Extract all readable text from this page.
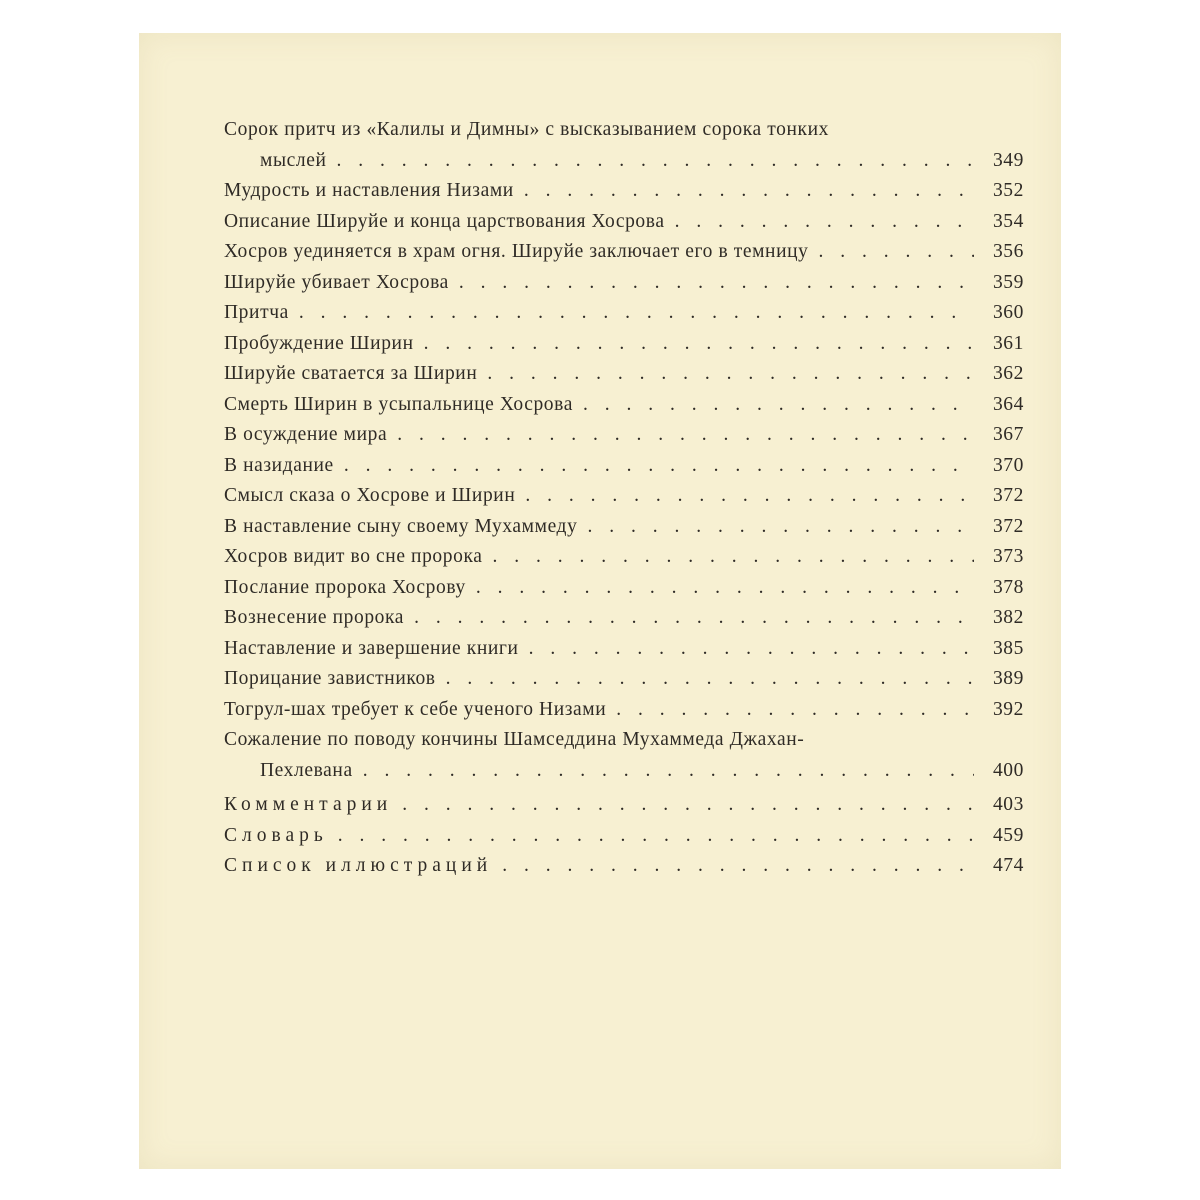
Сорок притч из «Калилы и Димны» с высказыванием сорока тонких
мыслей . . .	349
Мудрость и наставления Низами . . .	352
Описание Шируйе и конца царствования Хосрова . . .	354
Хосров уединяется в храм огня. Шируйе заключает его в темницу . . .	356
Шируйе убивает Хосрова . . .	359
Притча . . .	360
Пробуждение Ширин . . .	361
Шируйе сватается за Ширин . . .	362
Смерть Ширин в усыпальнице Хосрова . . .	364
В осуждение мира . . .	367
В назидание . . .	370
Смысл сказа о Хосрове и Ширин . . .	372
В наставление сыну своему Мухаммеду . . .	372
Хосров видит во сне пророка . . .	373
Послание пророка Хосрову . . .	378
Вознесение пророка . . .	382
Наставление и завершение книги . . .	385
Порицание завистников . . .	389
Тогрул-шах требует к себе ученого Низами . . .	392
Сожаление по поводу кончины Шамседдина Мухаммеда Джахан-
Пехлевана . . .	400
Комментарии . . .	403
Словарь . . .	459
Список иллюстраций . . .	474
